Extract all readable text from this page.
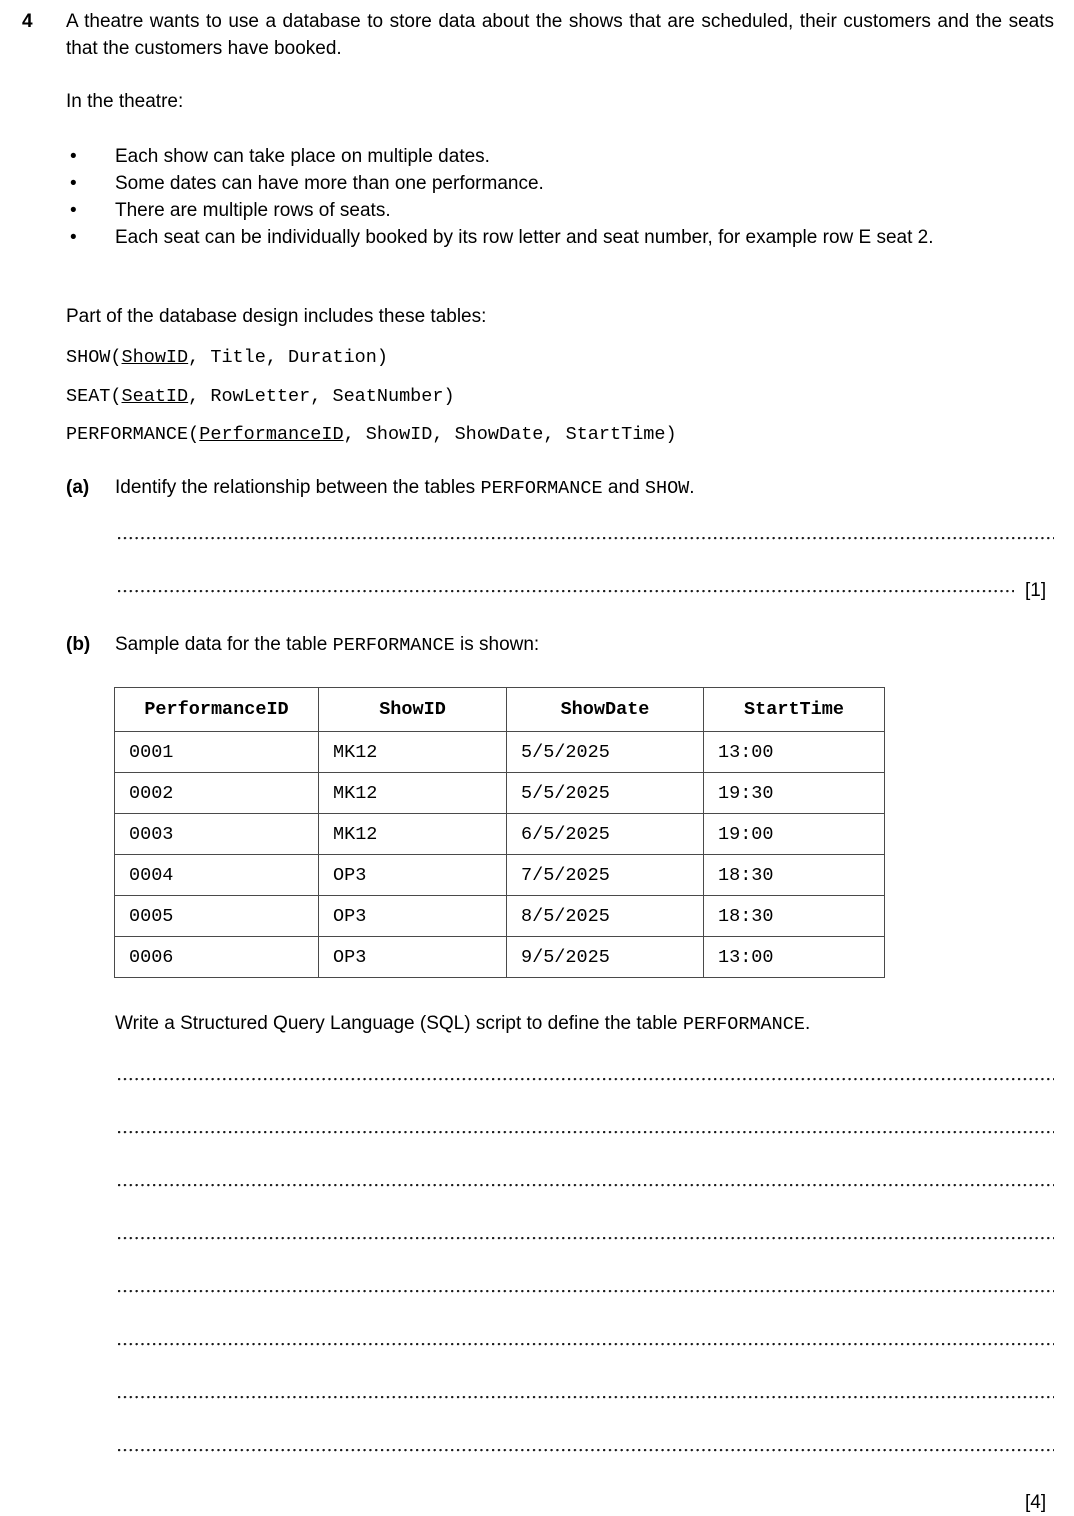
4	A theatre wants to use a database to store data about the shows that are scheduled, their customers and the seats that the customers have booked.
In the theatre:
•	Each show can take place on multiple dates.
•	Some dates can have more than one performance.
•	There are multiple rows of seats.
•	Each seat can be individually booked by its row letter and seat number, for example row E seat 2.
Part of the database design includes these tables:
SHOW(ShowID, Title, Duration)
SEAT(SeatID, RowLetter, SeatNumber)
PERFORMANCE(PerformanceID, ShowID, ShowDate, StartTime)
(a)	Identify the relationship between the tables PERFORMANCE and SHOW.
[1]
(b)	Sample data for the table PERFORMANCE is shown:
PerformanceID	ShowID	ShowDate	StartTime
0001	MK12	5/5/2025	13:00
0002	MK12	5/5/2025	19:30
0003	MK12	6/5/2025	19:00
0004	OP3	7/5/2025	18:30
0005	OP3	8/5/2025	18:30
0006	OP3	9/5/2025	13:00
Write a Structured Query Language (SQL) script to define the table PERFORMANCE.
[4]
